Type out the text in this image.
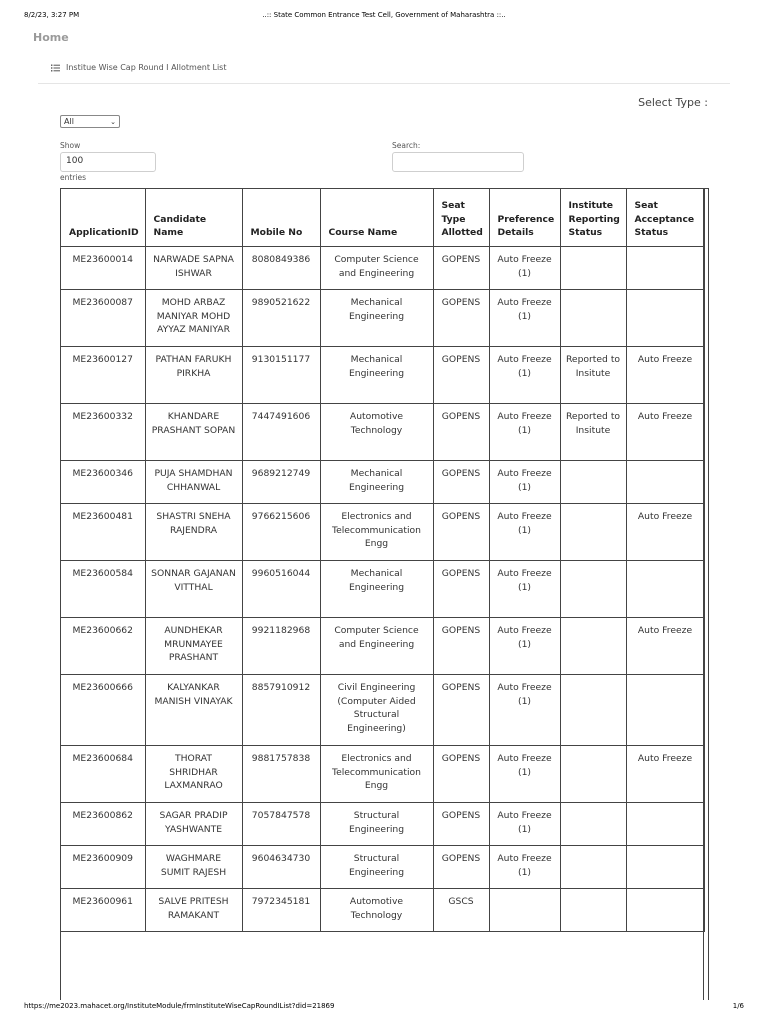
8/2/23, 3:27 PM	..:: State Common Entrance Test Cell, Government of Maharashtra ::..
Home
Institue Wise Cap Round I Allotment List
Select Type :
All	⌄
Show
100
entries
Search:
ApplicationID	Candidate Name	Mobile No	Course Name	Seat Type Allotted	Preference Details	Institute Reporting Status	Seat Acceptance Status
ME23600014	NARWADE SAPNA ISHWAR	8080849386	Computer Science and Engineering	GOPENS	Auto Freeze (1)		
ME23600087	MOHD ARBAZ MANIYAR MOHD AYYAZ MANIYAR	9890521622	Mechanical Engineering	GOPENS	Auto Freeze (1)		
ME23600127	PATHAN FARUKH PIRKHA	9130151177	Mechanical Engineering	GOPENS	Auto Freeze (1)	Reported to Insitute	Auto Freeze
ME23600332	KHANDARE PRASHANT SOPAN	7447491606	Automotive Technology	GOPENS	Auto Freeze (1)	Reported to Insitute	Auto Freeze
ME23600346	PUJA SHAMDHAN CHHANWAL	9689212749	Mechanical Engineering	GOPENS	Auto Freeze (1)		
ME23600481	SHASTRI SNEHA RAJENDRA	9766215606	Electronics and Telecommunication Engg	GOPENS	Auto Freeze (1)		Auto Freeze
ME23600584	SONNAR GAJANAN VITTHAL	9960516044	Mechanical Engineering	GOPENS	Auto Freeze (1)		
ME23600662	AUNDHEKAR MRUNMAYEE PRASHANT	9921182968	Computer Science and Engineering	GOPENS	Auto Freeze (1)		Auto Freeze
ME23600666	KALYANKAR MANISH VINAYAK	8857910912	Civil Engineering (Computer Aided Structural Engineering)	GOPENS	Auto Freeze (1)		
ME23600684	THORAT SHRIDHAR LAXMANRAO	9881757838	Electronics and Telecommunication Engg	GOPENS	Auto Freeze (1)		Auto Freeze
ME23600862	SAGAR PRADIP YASHWANTE	7057847578	Structural Engineering	GOPENS	Auto Freeze (1)		
ME23600909	WAGHMARE SUMIT RAJESH	9604634730	Structural Engineering	GOPENS	Auto Freeze (1)		
ME23600961	SALVE PRITESH RAMAKANT	7972345181	Automotive Technology	GSCS			
https://me2023.mahacet.org/InstituteModule/frmInstituteWiseCapRoundIList?did=21869	1/6
